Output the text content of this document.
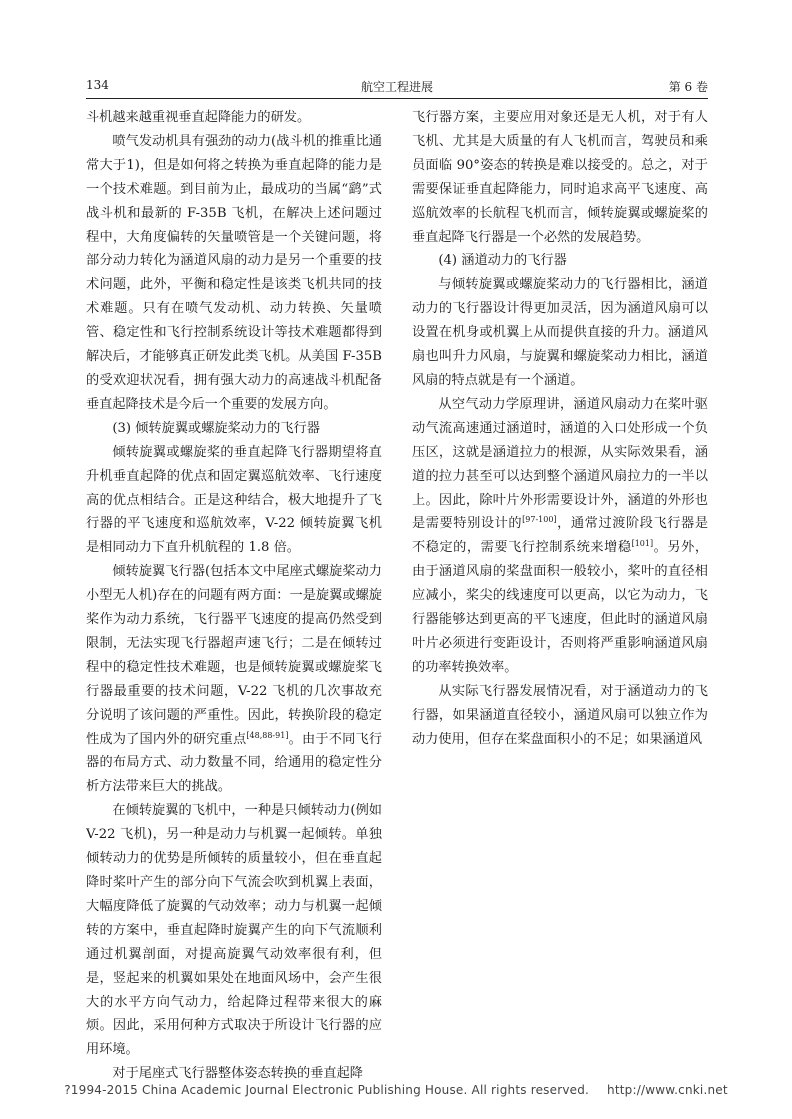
134	航空工程进展	第 6 卷

斗机越来越重视垂直起降能力的研发。

喷气发动机具有强劲的动力(战斗机的推重比通常大于1)，但是如何将之转换为垂直起降的能力是一个技术难题。到目前为止，最成功的当属“鹞”式战斗机和最新的 F-35B 飞机，在解决上述问题过程中，大角度偏转的矢量喷管是一个关键问题，将部分动力转化为涵道风扇的动力是另一个重要的技术问题，此外，平衡和稳定性是该类飞机共同的技术难题。只有在喷气发动机、动力转换、矢量喷管、稳定性和飞行控制系统设计等技术难题都得到解决后，才能够真正研发此类飞机。从美国 F-35B 的受欢迎状况看，拥有强大动力的高速战斗机配备垂直起降技术是今后一个重要的发展方向。

(3) 倾转旋翼或螺旋桨动力的飞行器

倾转旋翼或螺旋桨的垂直起降飞行器期望将直升机垂直起降的优点和固定翼巡航效率、飞行速度高的优点相结合。正是这种结合，极大地提升了飞行器的平飞速度和巡航效率，V-22 倾转旋翼飞机是相同动力下直升机航程的 1.8 倍。

倾转旋翼飞行器(包括本文中尾座式螺旋桨动力小型无人机)存在的问题有两方面：一是旋翼或螺旋桨作为动力系统，飞行器平飞速度的提高仍然受到限制，无法实现飞行器超声速飞行；二是在倾转过程中的稳定性技术难题，也是倾转旋翼或螺旋桨飞行器最重要的技术问题，V-22 飞机的几次事故充分说明了该问题的严重性。因此，转换阶段的稳定性成为了国内外的研究重点[48,88-91]。由于不同飞行器的布局方式、动力数量不同，给通用的稳定性分析方法带来巨大的挑战。

在倾转旋翼的飞机中，一种是只倾转动力(例如 V-22 飞机)，另一种是动力与机翼一起倾转。单独倾转动力的优势是所倾转的质量较小，但在垂直起降时桨叶产生的部分向下气流会吹到机翼上表面，大幅度降低了旋翼的气动效率；动力与机翼一起倾转的方案中，垂直起降时旋翼产生的向下气流顺利通过机翼剖面，对提高旋翼气动效率很有利，但是，竖起来的机翼如果处在地面风场中，会产生很大的水平方向气动力，给起降过程带来很大的麻烦。因此，采用何种方式取决于所设计飞行器的应用环境。

对于尾座式飞行器整体姿态转换的垂直起降

飞行器方案，主要应用对象还是无人机，对于有人飞机、尤其是大质量的有人飞机而言，驾驶员和乘员面临 90°姿态的转换是难以接受的。总之，对于需要保证垂直起降能力，同时追求高平飞速度、高巡航效率的长航程飞机而言，倾转旋翼或螺旋桨的垂直起降飞行器是一个必然的发展趋势。

(4) 涵道动力的飞行器

与倾转旋翼或螺旋桨动力的飞行器相比，涵道动力的飞行器设计得更加灵活，因为涵道风扇可以设置在机身或机翼上从而提供直接的升力。涵道风扇也叫升力风扇，与旋翼和螺旋桨动力相比，涵道风扇的特点就是有一个涵道。

从空气动力学原理讲，涵道风扇动力在桨叶驱动气流高速通过涵道时，涵道的入口处形成一个负压区，这就是涵道拉力的根源，从实际效果看，涵道的拉力甚至可以达到整个涵道风扇拉力的一半以上。因此，除叶片外形需要设计外，涵道的外形也是需要特别设计的[97-100]，通常过渡阶段飞行器是不稳定的，需要飞行控制系统来增稳[101]。另外，由于涵道风扇的桨盘面积一般较小，桨叶的直径相应减小，桨尖的线速度可以更高，以它为动力，飞行器能够达到更高的平飞速度，但此时的涵道风扇叶片必须进行变距设计，否则将严重影响涵道风扇的功率转换效率。

从实际飞行器发展情况看，对于涵道动力的飞行器，如果涵道直径较小，涵道风扇可以独立作为动力使用，但存在桨盘面积小的不足；如果涵道风

?1994-2015 China Academic Journal Electronic Publishing House. All rights reserved. http://www.cnki.net
